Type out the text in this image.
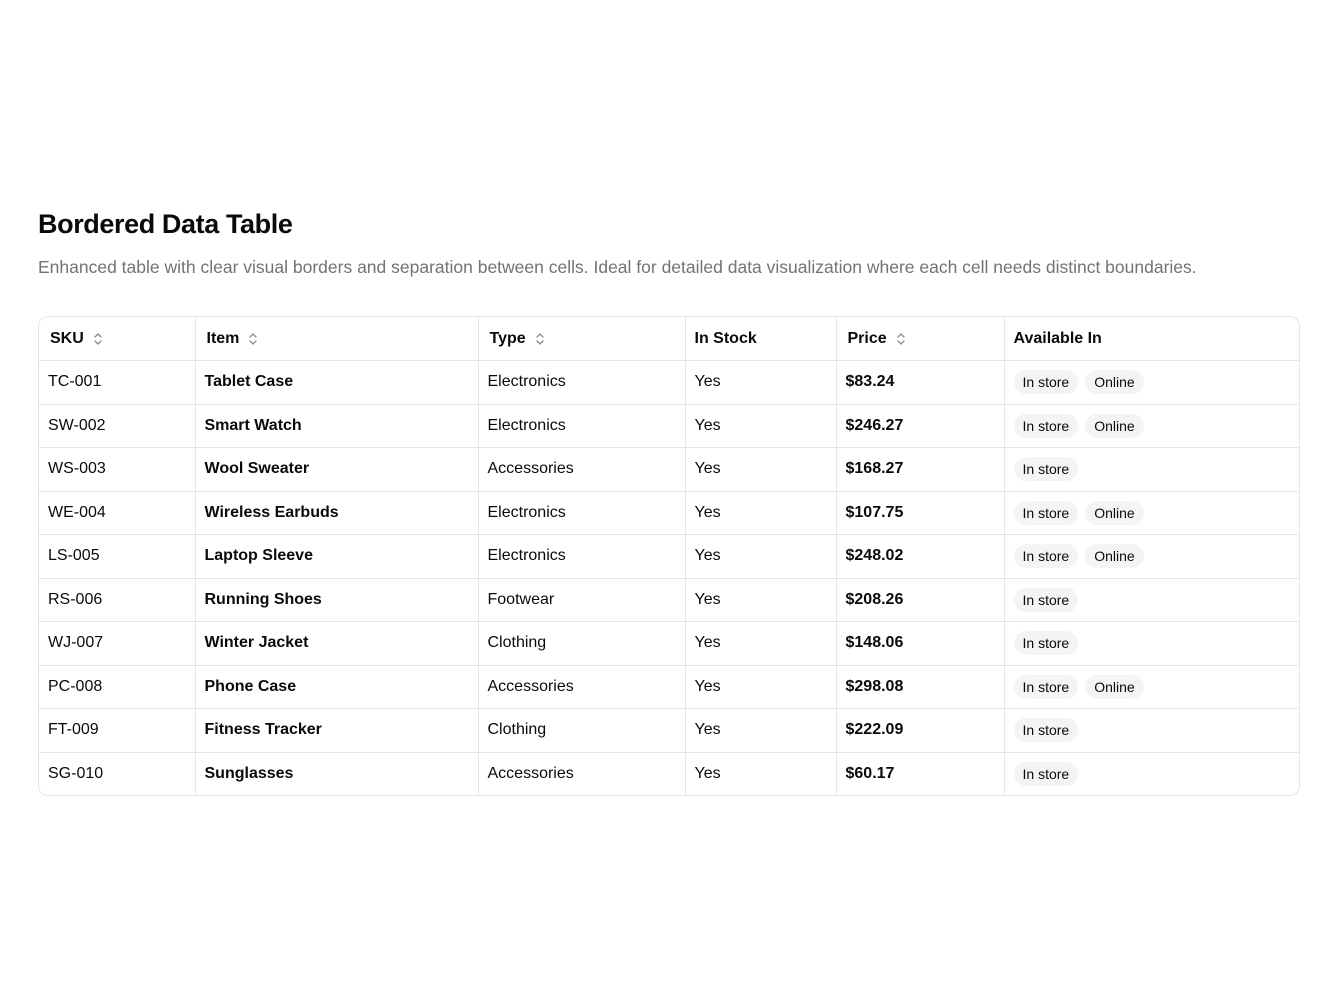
Bordered Data Table
Enhanced table with clear visual borders and separation between cells. Ideal for detailed data visualization where each cell needs distinct boundaries.
SKU	Item	Type	In Stock	Price	Available In
TC-001	Tablet Case	Electronics	Yes	$83.24	In store Online
SW-002	Smart Watch	Electronics	Yes	$246.27	In store Online
WS-003	Wool Sweater	Accessories	Yes	$168.27	In store
WE-004	Wireless Earbuds	Electronics	Yes	$107.75	In store Online
LS-005	Laptop Sleeve	Electronics	Yes	$248.02	In store Online
RS-006	Running Shoes	Footwear	Yes	$208.26	In store
WJ-007	Winter Jacket	Clothing	Yes	$148.06	In store
PC-008	Phone Case	Accessories	Yes	$298.08	In store Online
FT-009	Fitness Tracker	Clothing	Yes	$222.09	In store
SG-010	Sunglasses	Accessories	Yes	$60.17	In store
